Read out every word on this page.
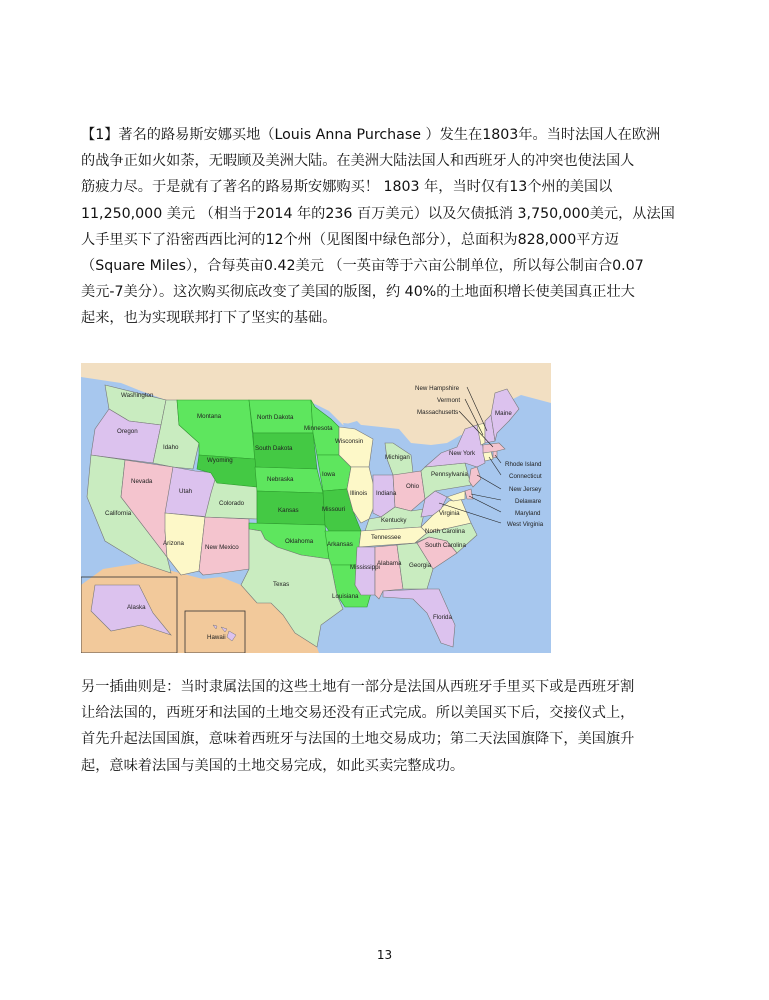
【1】著名的路易斯安娜买地（Louis Anna Purchase ）发生在1803年。当时法国人在欧洲
的战争正如火如荼，无暇顾及美洲大陆。在美洲大陆法国人和西班牙人的冲突也使法国人
筋疲力尽。于是就有了著名的路易斯安娜购买！ 1803 年，当时仅有13个州的美国以
11,250,000 美元 （相当于2014 年的236 百万美元）以及欠债抵消 3,750,000美元，从法国
人手里买下了沿密西西比河的12个州（见图图中绿色部分），总面积为828,000平方迈
（Square Miles），合每英亩0.42美元 （一英亩等于六亩公制单位，所以每公制亩合0.07
美元-7美分）。这次购买彻底改变了美国的版图，约 40%的土地面积增长使美国真正壮大
起来，也为实现联邦打下了坚实的基础。
Washington
Oregon
California
Nevada
Idaho
Utah
Arizona
New Mexico
Colorado
Montana
Wyoming
North Dakota
South Dakota
Nebraska
Kansas
Oklahoma
Texas
Minnesota
Iowa
Missouri
Arkansas
Louisiana
Wisconsin
Illinois
Michigan
Indiana
Ohio
Kentucky
Tennessee
Mississippi
Alabama Georgia
Florida
South Carolina
North Carolina
Virginia
Pennsylvania
New York
Maine
New Hampshire
Vermont
Massachusetts
Rhode Island
Connecticut
New Jersey
Delaware
Maryland
West Virginia
Alaska
Hawaii
另一插曲则是：当时隶属法国的这些土地有一部分是法国从西班牙手里买下或是西班牙割
让给法国的，西班牙和法国的土地交易还没有正式完成。所以美国买下后，交接仪式上，
首先升起法国国旗，意味着西班牙与法国的土地交易成功；第二天法国旗降下，美国旗升
起，意味着法国与美国的土地交易完成，如此买卖完整成功。
13
